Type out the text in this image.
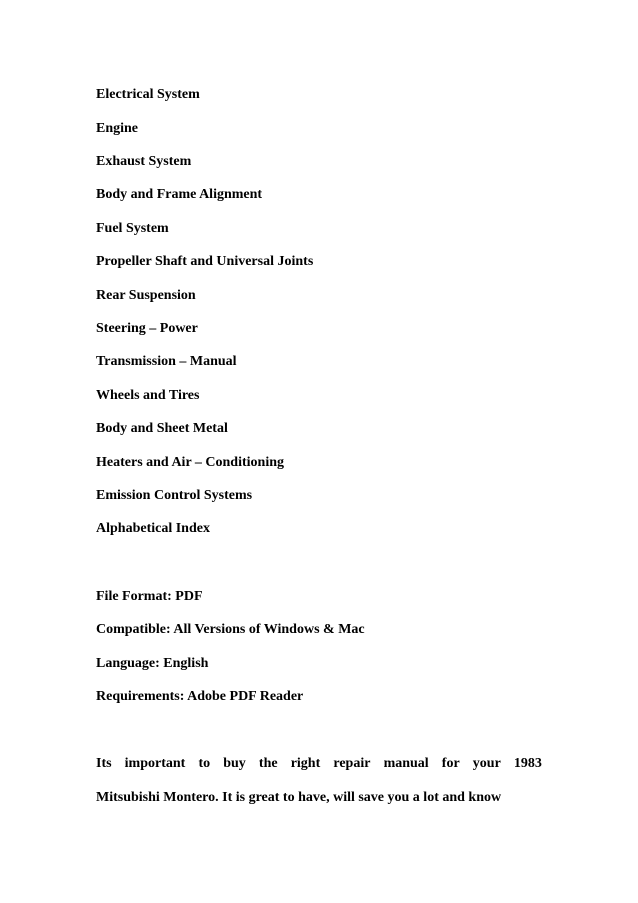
Electrical System
Engine
Exhaust System
Body and Frame Alignment
Fuel System
Propeller Shaft and Universal Joints
Rear Suspension
Steering – Power
Transmission – Manual
Wheels and Tires
Body and Sheet Metal
Heaters and Air – Conditioning
Emission Control Systems
Alphabetical Index
File Format: PDF
Compatible: All Versions of Windows & Mac
Language: English
Requirements: Adobe PDF Reader
Its important to buy the right repair manual for your 1983
Mitsubishi Montero. It is great to have, will save you a lot and know
